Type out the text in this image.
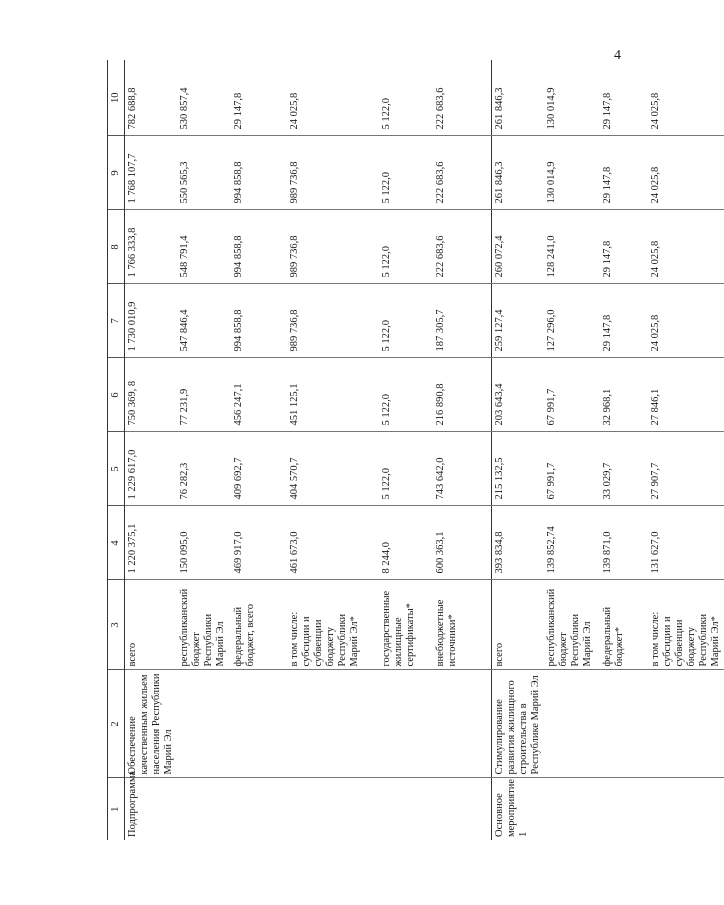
4
1	2	3	4	5	6	7	8	9	10
Подпрограмма	Обеспечение качественным жильем населения Республики Марий Эл	всего	1 220 375,1	1 229 617,0	750 369, 8	1 730 010,9	1 766 333,8	1 768 107,7	782 688,8
		республиканский бюджет Республики Марий Эл	150 095,0	76 282,3	77 231,9	547 846,4	548 791,4	550 565,3	530 857,4
		федеральный бюджет, всего	469 917,0	409 692,7	456 247,1	994 858,8	994 858,8	994 858,8	29 147,8
		в том числе: субсидии и субвенции бюджету Республики Марий Эл*	461 673,0	404 570,7	451 125,1	989 736,8	989 736,8	989 736,8	24 025,8
		государственные жилищные сертификаты*	8 244,0	5 122,0	5 122,0	5 122,0	5 122,0	5 122,0	5 122,0
		внебюджетные источники*	600 363,1	743 642,0	216 890,8	187 305,7	222 683,6	222 683,6	222 683,6
Основное мероприятие 1	Стимулирование развития жилищного строительства в Республике Марий Эл	всего	393 834,8	215 132,5	203 643,4	259 127,4	260 072,4	261 846,3	261 846,3
		республиканский бюджет Республики Марий Эл	139 852,74	67 991,7	67 991,7	127 296,0	128 241,0	130 014,9	130 014,9
		федеральный бюджет*	139 871,0	33 029,7	32 968,1	29 147,8	29 147,8	29 147,8	29 147,8
		в том числе: субсидии и субвенции бюджету Республики Марий Эл*	131 627,0	27 907,7	27 846,1	24 025,8	24 025,8	24 025,8	24 025,8
